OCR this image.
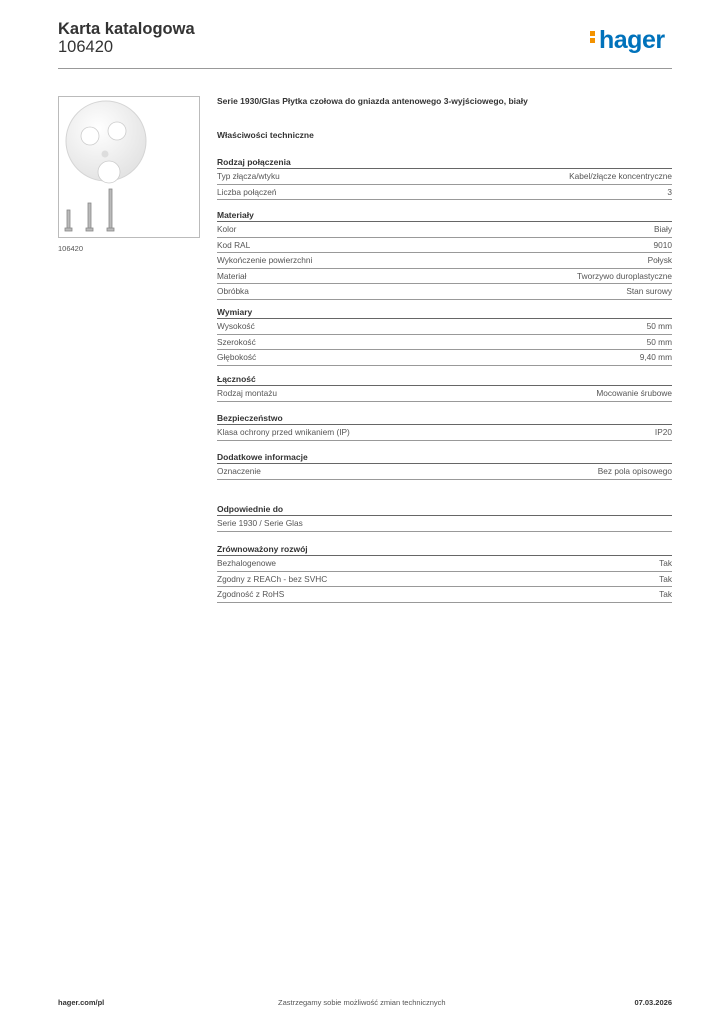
Karta katalogowa
106420	hager
106420
Serie 1930/Glas Płytka czołowa do gniazda antenowego 3-wyjściowego, biały
Właściwości techniczne
Rodzaj połączenia
Typ złącza/wtyku	Kabel/złącze koncentryczne
Liczba połączeń	3
Materiały
Kolor	Biały
Kod RAL	9010
Wykończenie powierzchni	Połysk
Materiał	Tworzywo duroplastyczne
Obróbka	Stan surowy
Wymiary
Wysokość	50 mm
Szerokość	50 mm
Głębokość	9,40 mm
Łączność
Rodzaj montażu	Mocowanie śrubowe
Bezpieczeństwo
Klasa ochrony przed wnikaniem (IP)	IP20
Dodatkowe informacje
Oznaczenie	Bez pola opisowego
Odpowiednie do
Serie 1930 / Serie Glas
Zrównoważony rozwój
Bezhalogenowe	Tak
Zgodny z REACh - bez SVHC	Tak
Zgodność z RoHS	Tak
hager.com/pl	Zastrzegamy sobie możliwość zmian technicznych	07.03.2026
